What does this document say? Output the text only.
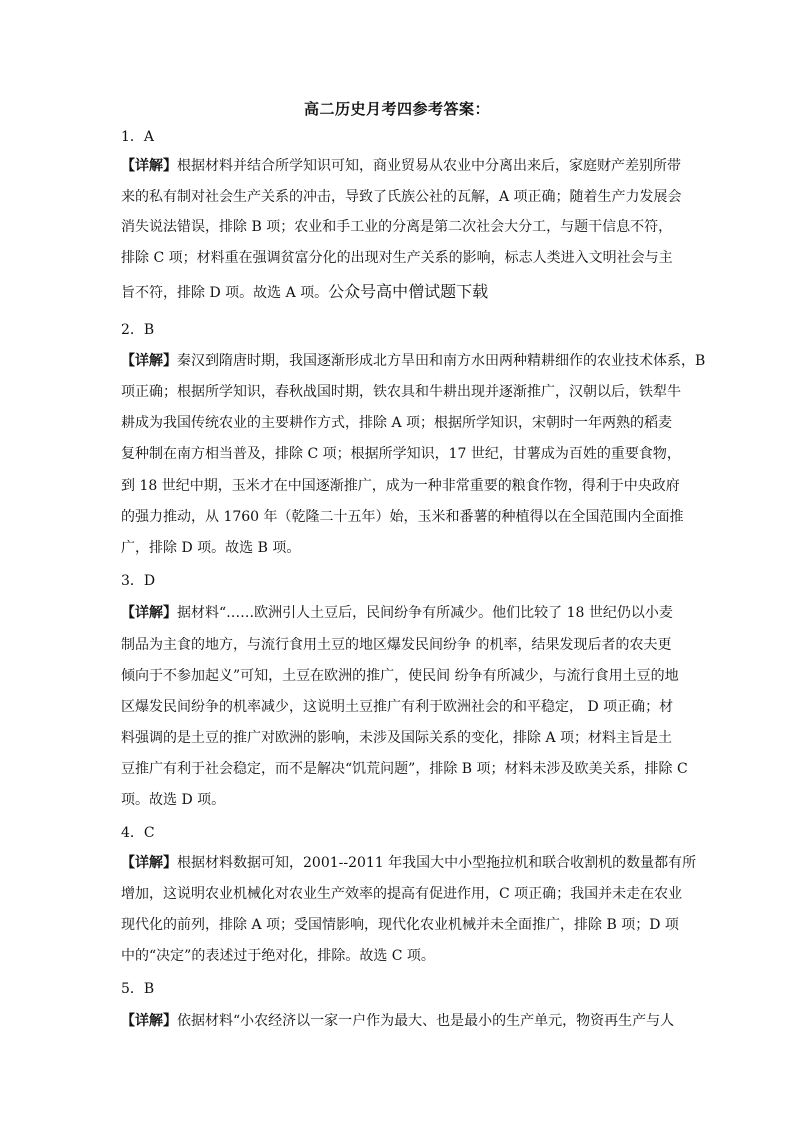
高二历史月考四参考答案：
1．A
【详解】根据材料并结合所学知识可知，商业贸易从农业中分离出来后，家庭财产差别所带
来的私有制对社会生产关系的冲击，导致了氏族公社的瓦解，A 项正确；随着生产力发展会
消失说法错误，排除 B 项；农业和手工业的分离是第二次社会大分工，与题干信息不符，
排除 C 项；材料重在强调贫富分化的出现对生产关系的影响，标志人类进入文明社会与主
旨不符，排除 D 项。故选 A 项。公众号高中僧试题下载
2．B
【详解】秦汉到隋唐时期，我国逐渐形成北方旱田和南方水田两种精耕细作的农业技术体系，B
项正确；根据所学知识，春秋战国时期，铁农具和牛耕出现并逐渐推广，汉朝以后，铁犁牛
耕成为我国传统农业的主要耕作方式，排除 A 项；根据所学知识，宋朝时一年两熟的稻麦
复种制在南方相当普及，排除 C 项；根据所学知识，17 世纪，甘薯成为百姓的重要食物，
到 18 世纪中期，玉米才在中国逐渐推广，成为一种非常重要的粮食作物，得利于中央政府
的强力推动，从 1760 年（乾隆二十五年）始，玉米和番薯的种植得以在全国范围内全面推
广，排除 D 项。故选 B 项。
3．D
【详解】据材料“……欧洲引人土豆后，民间纷争有所减少。他们比较了 18 世纪仍以小麦
制品为主食的地方，与流行食用土豆的地区爆发民间纷争 的机率，结果发现后者的农夫更
倾向于不参加起义”可知，土豆在欧洲的推广，使民间 纷争有所减少，与流行食用土豆的地
区爆发民间纷争的机率减少，这说明土豆推广有利于欧洲社会的和平稳定， D 项正确；材
料强调的是土豆的推广对欧洲的影响，未涉及国际关系的变化，排除 A 项；材料主旨是土
豆推广有利于社会稳定，而不是解决“饥荒问题”，排除 B 项；材料未涉及欧美关系，排除 C
项。故选 D 项。
4．C
【详解】根据材料数据可知，2001--2011 年我国大中小型拖拉机和联合收割机的数量都有所
增加，这说明农业机械化对农业生产效率的提高有促进作用，C 项正确；我国并未走在农业
现代化的前列，排除 A 项；受国情影响，现代化农业机械并未全面推广，排除 B 项；D 项
中的“决定”的表述过于绝对化，排除。故选 C 项。
5．B
【详解】依据材料“小农经济以一家一户作为最大、也是最小的生产单元，物资再生产与人
